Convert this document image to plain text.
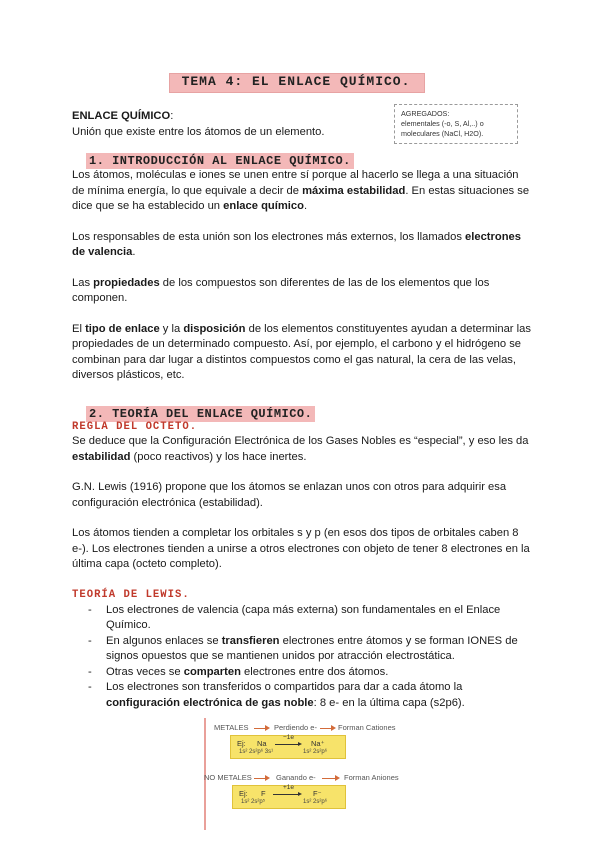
TEMA 4: EL ENLACE QUÍMICO.

ENLACE QUÍMICO:

Unión que existe entre los átomos de un elemento.

AGREGADOS:
elementales (-o, S, Al,..) o
moleculares (NaCl, H2O).
1. INTRODUCCIÓN AL ENLACE QUÍMICO.

Los átomos, moléculas e iones se unen entre sí porque al hacerlo se llega a una situación de mínima energía, lo que equivale a decir de máxima estabilidad. En estas situaciones se dice que se ha establecido un enlace químico.

Los responsables de esta unión son los electrones más externos, los llamados electrones de valencia.

Las propiedades de los compuestos son diferentes de las de los elementos que los componen.

El tipo de enlace y la disposición de los elementos constituyentes ayudan a determinar las propiedades de un determinado compuesto. Así, por ejemplo, el carbono y el hidrógeno se combinan para dar lugar a distintos compuestos como el gas natural, la cera de las velas, diversos plásticos, etc.

2. TEORÍA DEL ENLACE QUÍMICO.
REGLA DEL OCTETO.

Se deduce que la Configuración Electrónica de los Gases Nobles es “especial”, y eso les da estabilidad (poco reactivos) y los hace inertes.

G.N. Lewis (1916) propone que los átomos se enlazan unos con otros para adquirir esa configuración electrónica (estabilidad).

Los átomos tienden a completar los orbitales s y p (en esos dos tipos de orbitales caben 8 e-). Los electrones tienden a unirse a otros electrones con objeto de tener 8 electrones en la última capa (octeto completo).

TEORÍA DE LEWIS.
- Los electrones de valencia (capa más externa) son fundamentales en el Enlace Químico.
- En algunos enlaces se transfieren electrones entre átomos y se forman IONES de signos opuestos que se mantienen unidos por atracción electrostática.
- Otras veces se comparten electrones entre dos átomos.
- Los electrones son transferidos o compartidos para dar a cada átomo la configuración electrónica de gas noble: 8 e- en la última capa (s2p6).
METALES	Perdiendo e-	Forman Cationes
Ej: Na
−1e
Na⁺
1s² 2s²p⁶ 3s¹	1s² 2s²p⁶
NO METALES	Ganando e-	Forman Aniones
Ej: F
+1e
F⁻
1s² 2s²p⁵	1s² 2s²p⁶
